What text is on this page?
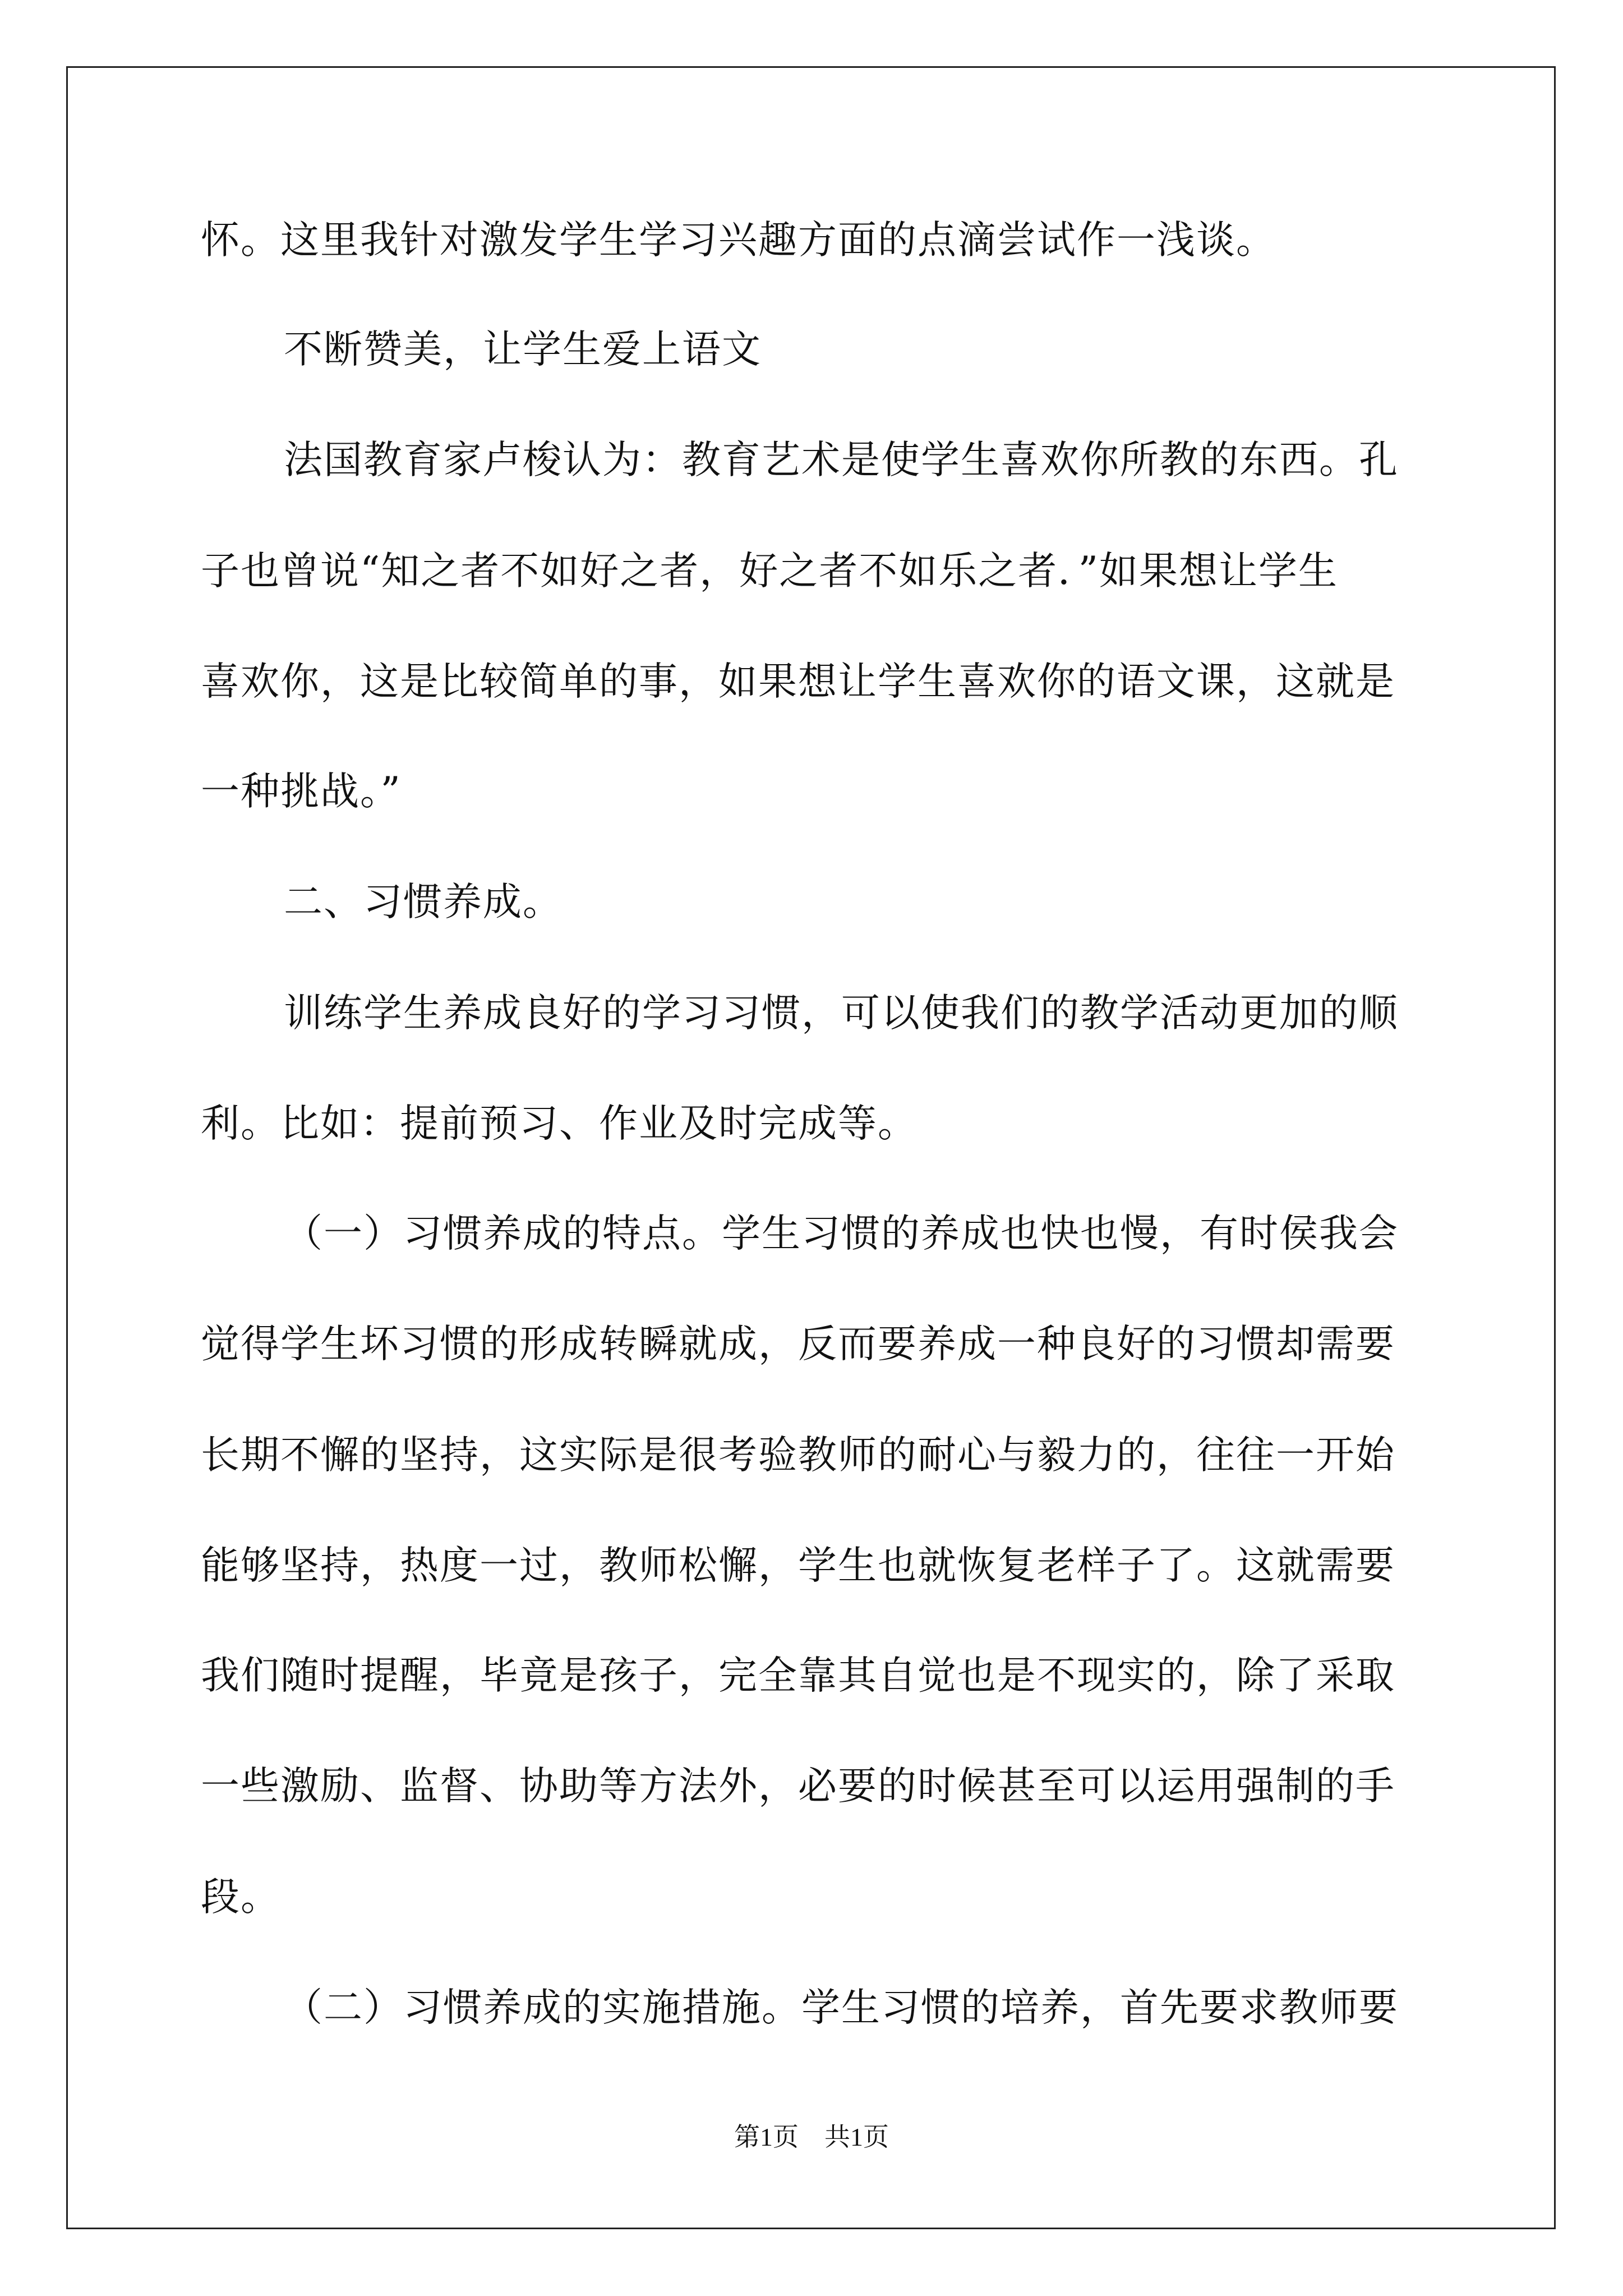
怀。这里我针对激发学生学习兴趣方面的点滴尝试作一浅谈。
不断赞美，让学生爱上语文
法国教育家卢梭认为：教育艺术是使学生喜欢你所教的东西。孔
子也曾说“知之者不如好之者，好之者不如乐之者．”如果想让学生
喜欢你，这是比较简单的事，如果想让学生喜欢你的语文课，这就是
一种挑战。”
二、习惯养成。
训练学生养成良好的学习习惯，可以使我们的教学活动更加的顺
利。比如：提前预习、作业及时完成等。
（一）习惯养成的特点。学生习惯的养成也快也慢，有时侯我会
觉得学生坏习惯的形成转瞬就成，反而要养成一种良好的习惯却需要
长期不懈的坚持，这实际是很考验教师的耐心与毅力的，往往一开始
能够坚持，热度一过，教师松懈，学生也就恢复老样子了。这就需要
我们随时提醒，毕竟是孩子，完全靠其自觉也是不现实的，除了采取
一些激励、监督、协助等方法外，必要的时候甚至可以运用强制的手
段。
（二）习惯养成的实施措施。学生习惯的培养，首先要求教师要
第1页　共1页
